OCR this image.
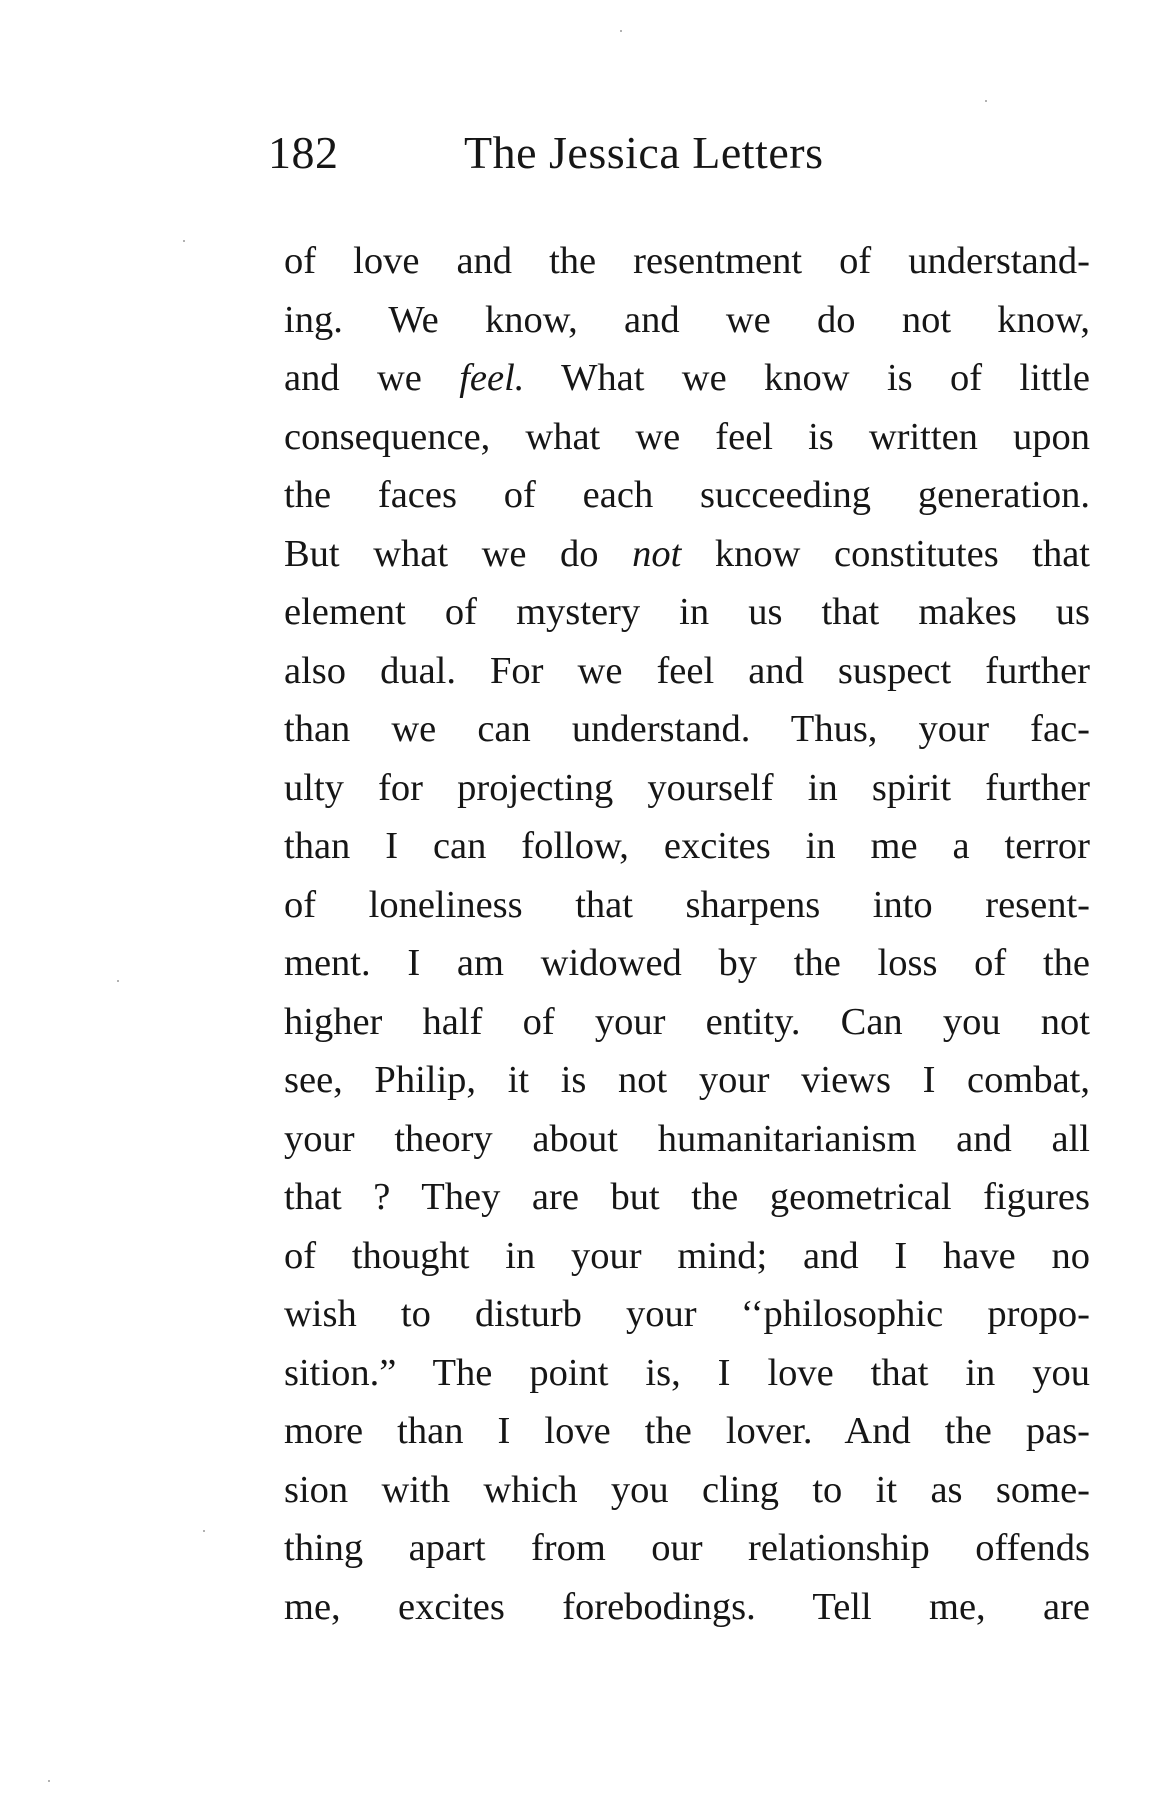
182	The Jessica Letters
of love and the resentment of understand-
ing. We know, and we do not know,
and we feel. What we know is of little
consequence, what we feel is written upon
the faces of each succeeding generation.
But what we do not know constitutes that
element of mystery in us that makes us
also dual. For we feel and suspect further
than we can understand. Thus, your fac-
ulty for projecting yourself in spirit further
than I can follow, excites in me a terror
of loneliness that sharpens into resent-
ment. I am widowed by the loss of the
higher half of your entity. Can you not
see, Philip, it is not your views I combat,
your theory about humanitarianism and all
that ? They are but the geometrical figures
of thought in your mind; and I have no
wish to disturb your ‘‘philosophic propo-
sition.” The point is, I love that in you
more than I love the lover. And the pas-
sion with which you cling to it as some-
thing apart from our relationship offends
me, excites forebodings. Tell me, are
